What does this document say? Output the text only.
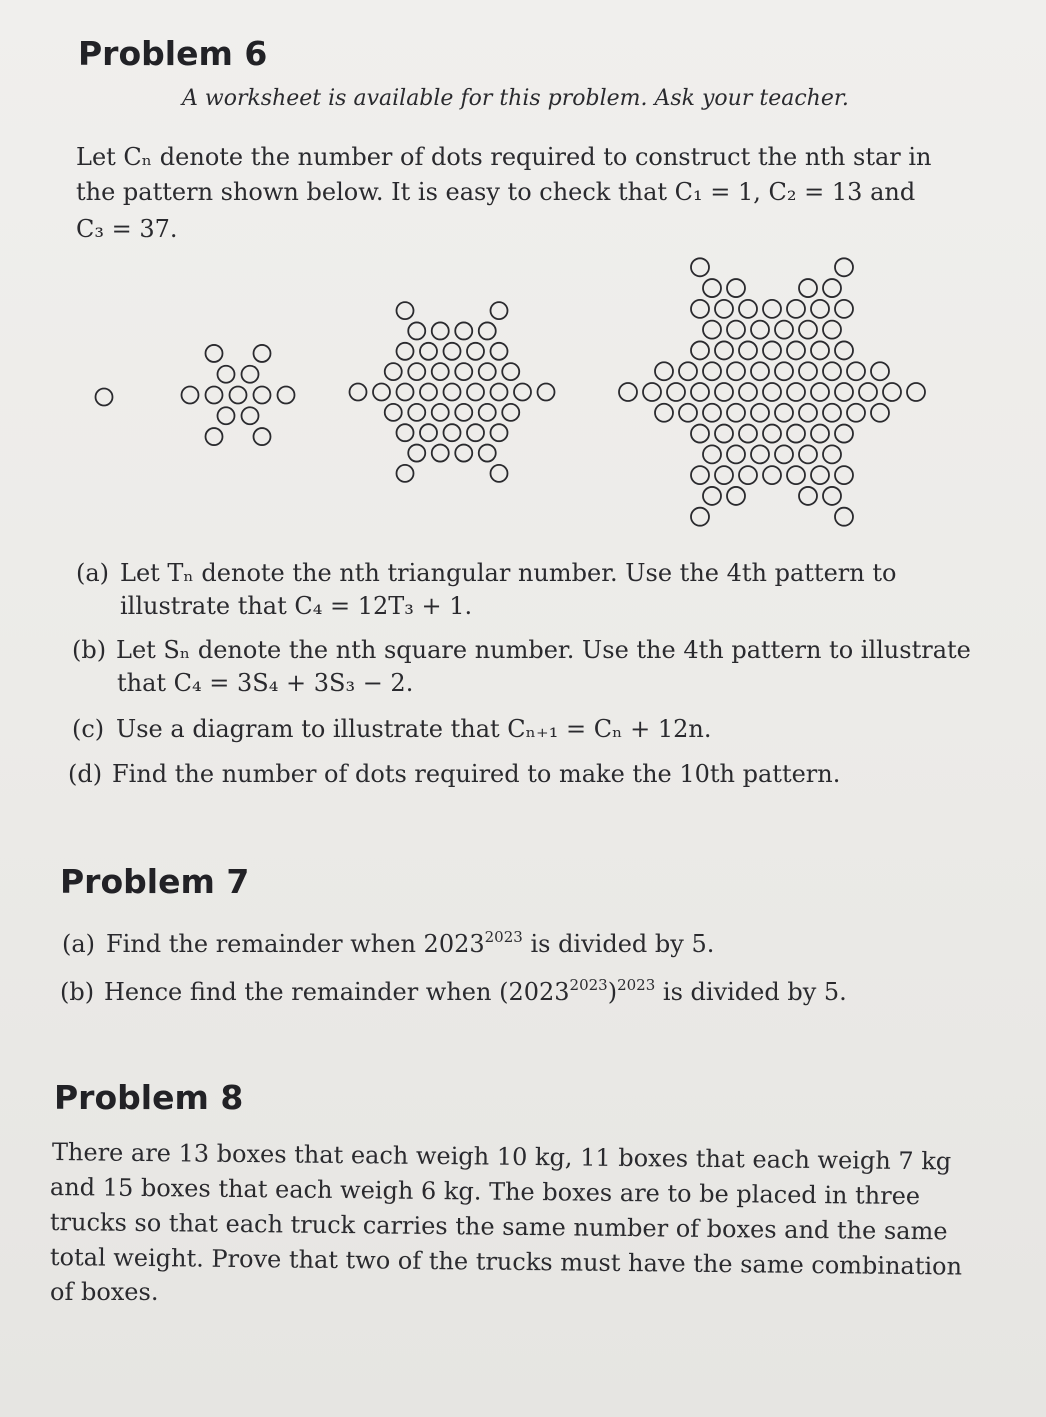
Problem 6
A worksheet is available for this problem. Ask your teacher.
Let Cₙ denote the number of dots required to construct the nth star in
the pattern shown below. It is easy to check that C₁ = 1, C₂ = 13 and
C₃ = 37.
(a) Let Tₙ denote the nth triangular number. Use the 4th pattern to
illustrate that C₄ = 12T₃ + 1.
(b) Let Sₙ denote the nth square number. Use the 4th pattern to illustrate
that C₄ = 3S₄ + 3S₃ − 2.
(c) Use a diagram to illustrate that Cₙ₊₁ = Cₙ + 12n.
(d) Find the number of dots required to make the 10th pattern.
Problem 7
(a) Find the remainder when $2023^{2023}$ is divided by 5.
(b) Hence find the remainder when $(2023^{2023})^{2023}$ is divided by 5.
Problem 8
There are 13 boxes that each weigh 10 kg, 11 boxes that each weigh 7 kg
and 15 boxes that each weigh 6 kg. The boxes are to be placed in three
trucks so that each truck carries the same number of boxes and the same
total weight. Prove that two of the trucks must have the same combination
of boxes.
